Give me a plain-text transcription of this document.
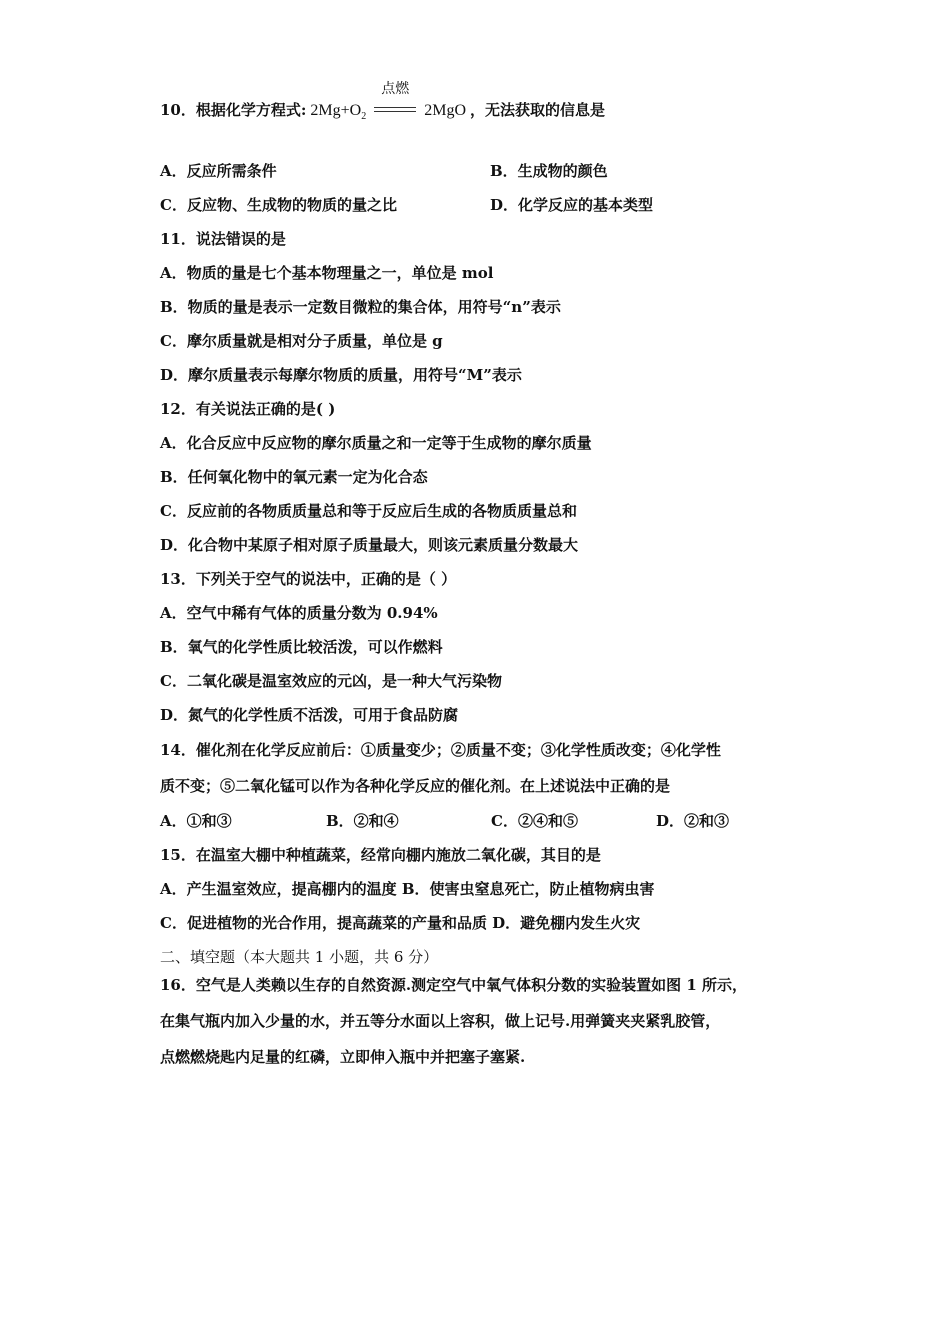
10．根据化学方程式: $2Mg+O_2$
点燃
2MgO ，无法获取的信息是
A．反应所需条件	B．生成物的颜色
C．反应物、生成物的物质的量之比	D．化学反应的基本类型
11．说法错误的是
A．物质的量是七个基本物理量之一，单位是 mol
B．物质的量是表示一定数目微粒的集合体，用符号“n”表示
C．摩尔质量就是相对分子质量，单位是 g
D．摩尔质量表示每摩尔物质的质量，用符号“M”表示
12．有关说法正确的是( )
A．化合反应中反应物的摩尔质量之和一定等于生成物的摩尔质量
B．任何氧化物中的氧元素一定为化合态
C．反应前的各物质质量总和等于反应后生成的各物质质量总和
D．化合物中某原子相对原子质量最大，则该元素质量分数最大
13．下列关于空气的说法中，正确的是（ ）
A．空气中稀有气体的质量分数为 0.94%
B．氧气的化学性质比较活泼，可以作燃料
C．二氧化碳是温室效应的元凶，是一种大气污染物
D．氮气的化学性质不活泼，可用于食品防腐
14．催化剂在化学反应前后：①质量变少；②质量不变；③化学性质改变；④化学性
质不变；⑤二氧化锰可以作为各种化学反应的催化剂。在上述说法中正确的是
A．①和③	B．②和④	C．②④和⑤	D．②和③
15．在温室大棚中种植蔬菜，经常向棚内施放二氧化碳，其目的是
A．产生温室效应，提高棚内的温度 B．使害虫窒息死亡，防止植物病虫害
C．促进植物的光合作用，提高蔬菜的产量和品质 D．避免棚内发生火灾
二、填空题（本大题共 1 小题，共 6 分）
16．空气是人类赖以生存的自然资源.测定空气中氧气体积分数的实验装置如图 1 所示，
在集气瓶内加入少量的水，并五等分水面以上容积，做上记号.用弹簧夹夹紧乳胶管，
点燃燃烧匙内足量的红磷，立即伸入瓶中并把塞子塞紧.
